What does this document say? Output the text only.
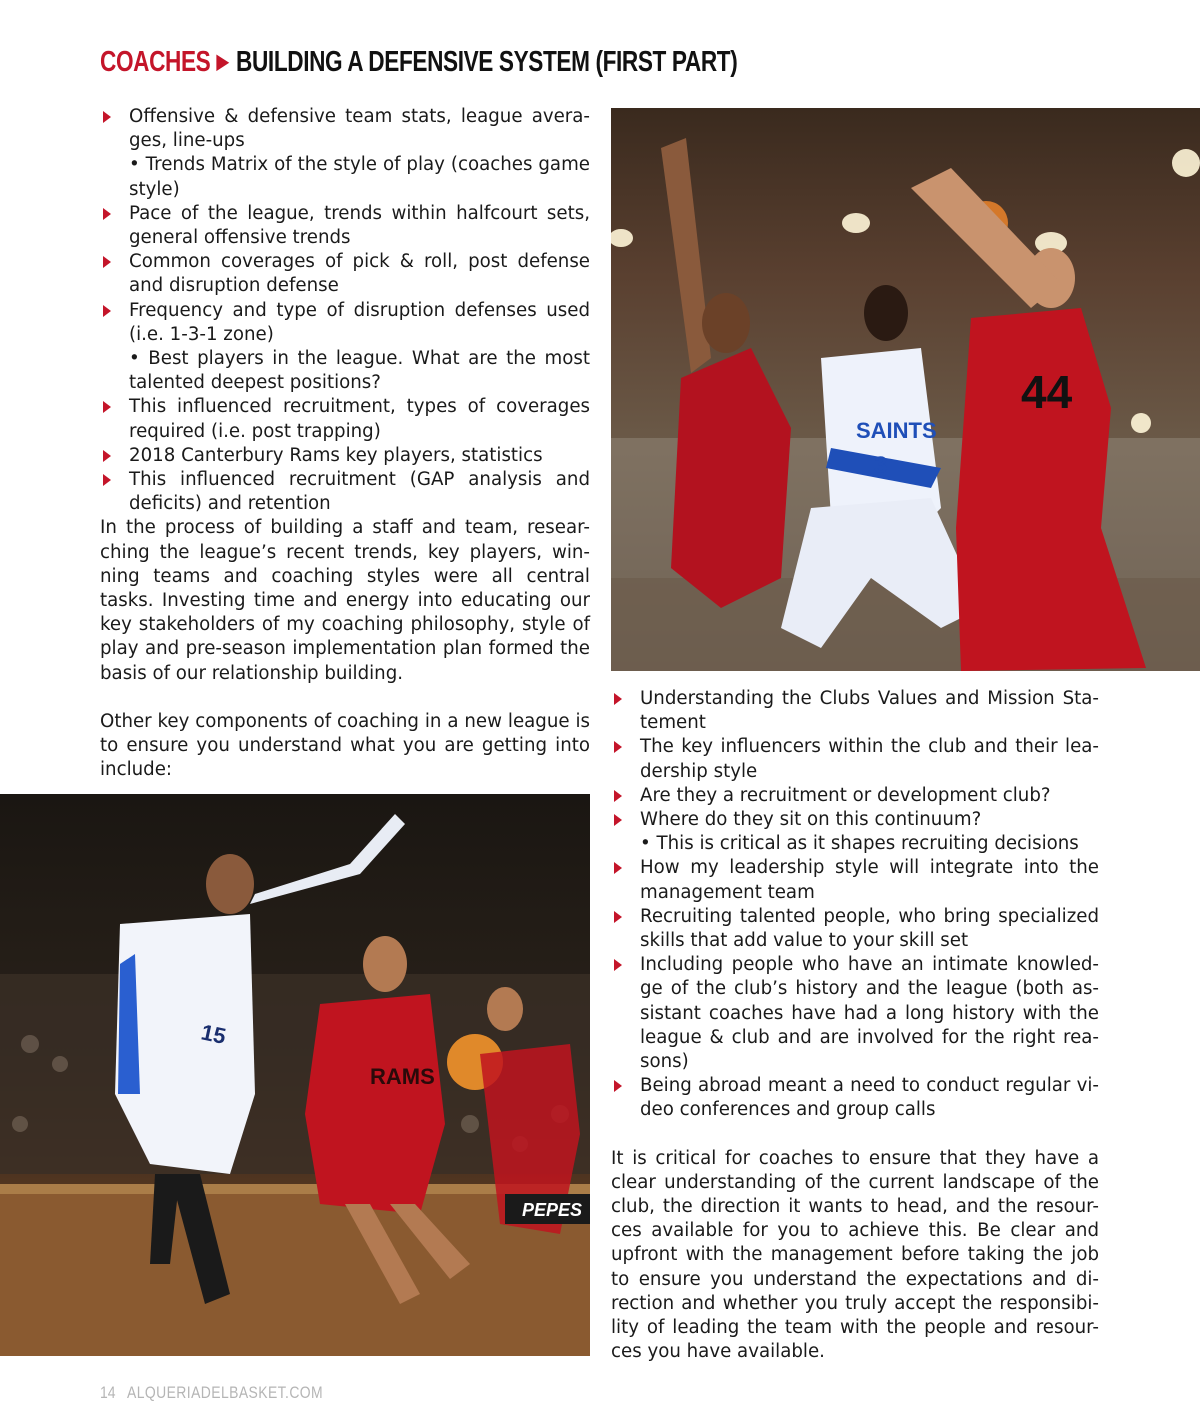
COACHES ▶ BUILDING A DEFENSIVE SYSTEM (FIRST PART)
Offensive & defensive team stats, league avera-ges, line-ups
• Trends Matrix of the style of play (coaches game style)
Pace of the league, trends within halfcourt sets, general offensive trends
Common coverages of pick & roll, post defense and disruption defense
Frequency and type of disruption defenses used (i.e. 1-3-1 zone)
• Best players in the league. What are the most talented deepest positions?
This influenced recruitment, types of coverages required (i.e. post trapping)
2018 Canterbury Rams key players, statistics
This influenced recruitment (GAP analysis and deficits) and retention

In the process of building a staff and team, resear-ching the league’s recent trends, key players, win-ning teams and coaching styles were all central tasks. Investing time and energy into educating our key stakeholders of my coaching philosophy, style of play and pre-season implementation plan formed the basis of our relationship building.

Other key components of coaching in a new league is to ensure you understand what you are getting into include:

SAINTS
3
44
PEPES
15
RAMS
Understanding the Clubs Values and Mission Sta-tement
The key influencers within the club and their lea-dership style
Are they a recruitment or development club?
Where do they sit on this continuum?
• This is critical as it shapes recruiting decisions
How my leadership style will integrate into the management team
Recruiting talented people, who bring specialized skills that add value to your skill set
Including people who have an intimate knowled-ge of the club’s history and the league (both as-sistant coaches have had a long history with the league & club and are involved for the right rea-sons)
Being abroad meant a need to conduct regular vi-deo conferences and group calls

It is critical for coaches to ensure that they have a clear understanding of the current landscape of the club, the direction it wants to head, and the resour-ces available for you to achieve this. Be clear and upfront with the management before taking the job to ensure you understand the expectations and di-rection and whether you truly accept the responsibi-lity of leading the team with the people and resour-ces you have available.

14 ALQUERIADELBASKET.COM
